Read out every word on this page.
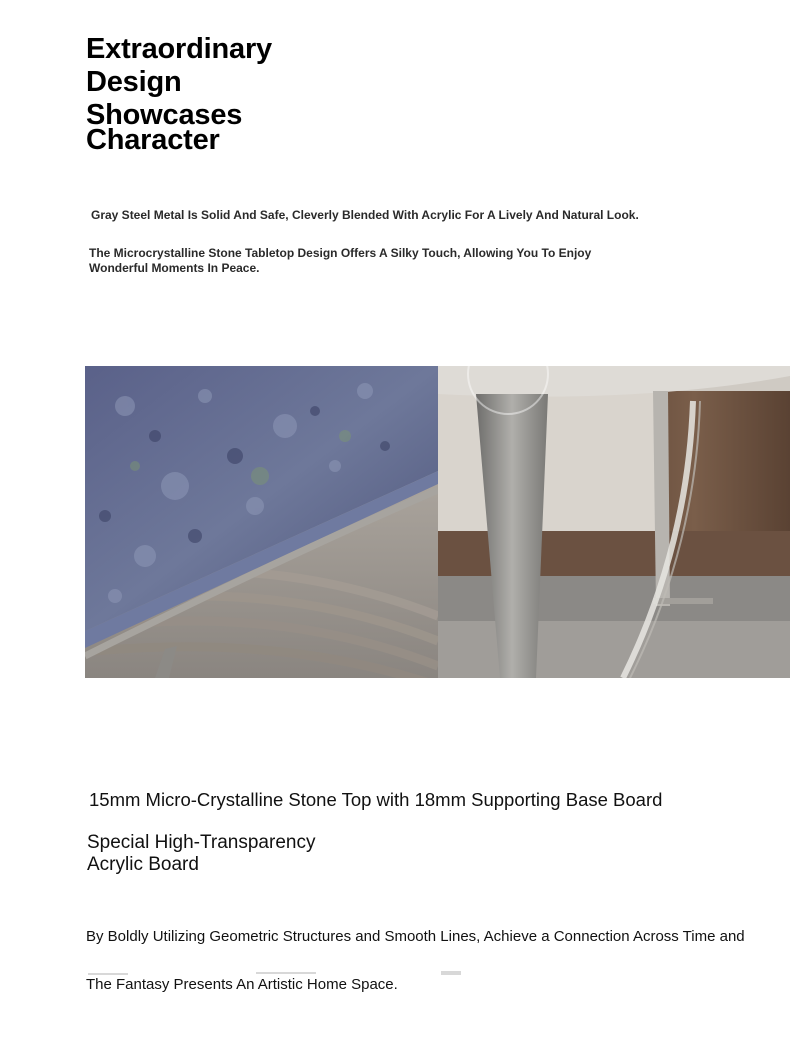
Extraordinary
Design
Showcases
Character
Gray Steel Metal Is Solid And Safe, Cleverly Blended With Acrylic For A Lively And Natural Look.
The Microcrystalline Stone Tabletop Design Offers A Silky Touch, Allowing You To Enjoy Wonderful Moments In Peace.
15mm Micro-Crystalline Stone Top with 18mm Supporting Base Board
Special High-Transparency
Acrylic Board
By Boldly Utilizing Geometric Structures and Smooth Lines, Achieve a Connection Across Time and
The Fantasy Presents An Artistic Home Space.
